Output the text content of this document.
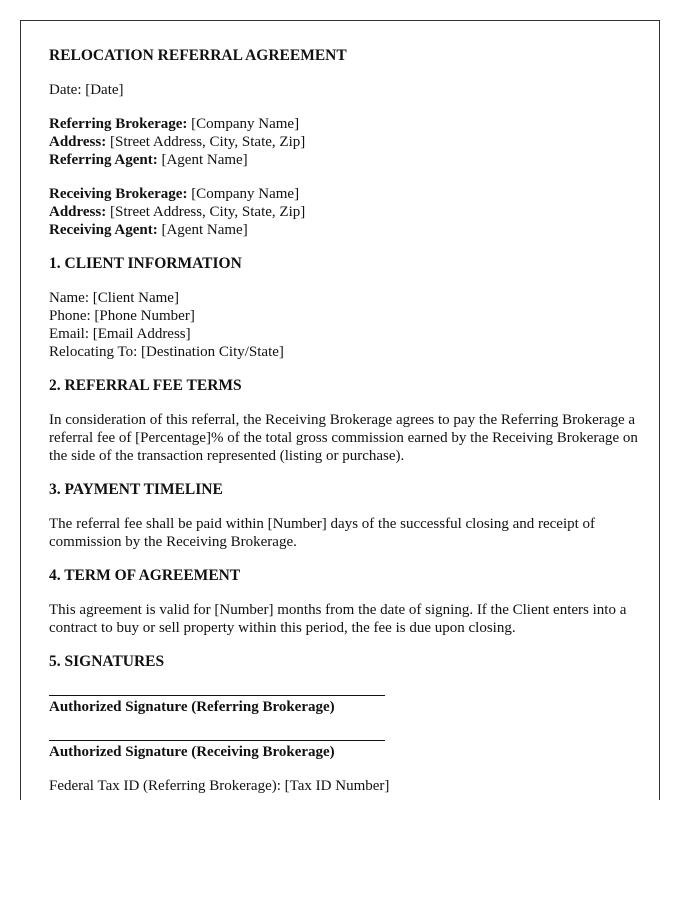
RELOCATION REFERRAL AGREEMENT
Date: [Date]
Referring Brokerage: [Company Name]
Address: [Street Address, City, State, Zip]
Referring Agent: [Agent Name]
Receiving Brokerage: [Company Name]
Address: [Street Address, City, State, Zip]
Receiving Agent: [Agent Name]
1. CLIENT INFORMATION
Name: [Client Name]
Phone: [Phone Number]
Email: [Email Address]
Relocating To: [Destination City/State]
2. REFERRAL FEE TERMS
In consideration of this referral, the Receiving Brokerage agrees to pay the Referring Brokerage a referral fee of [Percentage]% of the total gross commission earned by the Receiving Brokerage on the side of the transaction represented (listing or purchase).
3. PAYMENT TIMELINE
The referral fee shall be paid within [Number] days of the successful closing and receipt of commission by the Receiving Brokerage.
4. TERM OF AGREEMENT
This agreement is valid for [Number] months from the date of signing. If the Client enters into a contract to buy or sell property within this period, the fee is due upon closing.
5. SIGNATURES
Authorized Signature (Referring Brokerage)
Authorized Signature (Receiving Brokerage)
Federal Tax ID (Referring Brokerage): [Tax ID Number]
